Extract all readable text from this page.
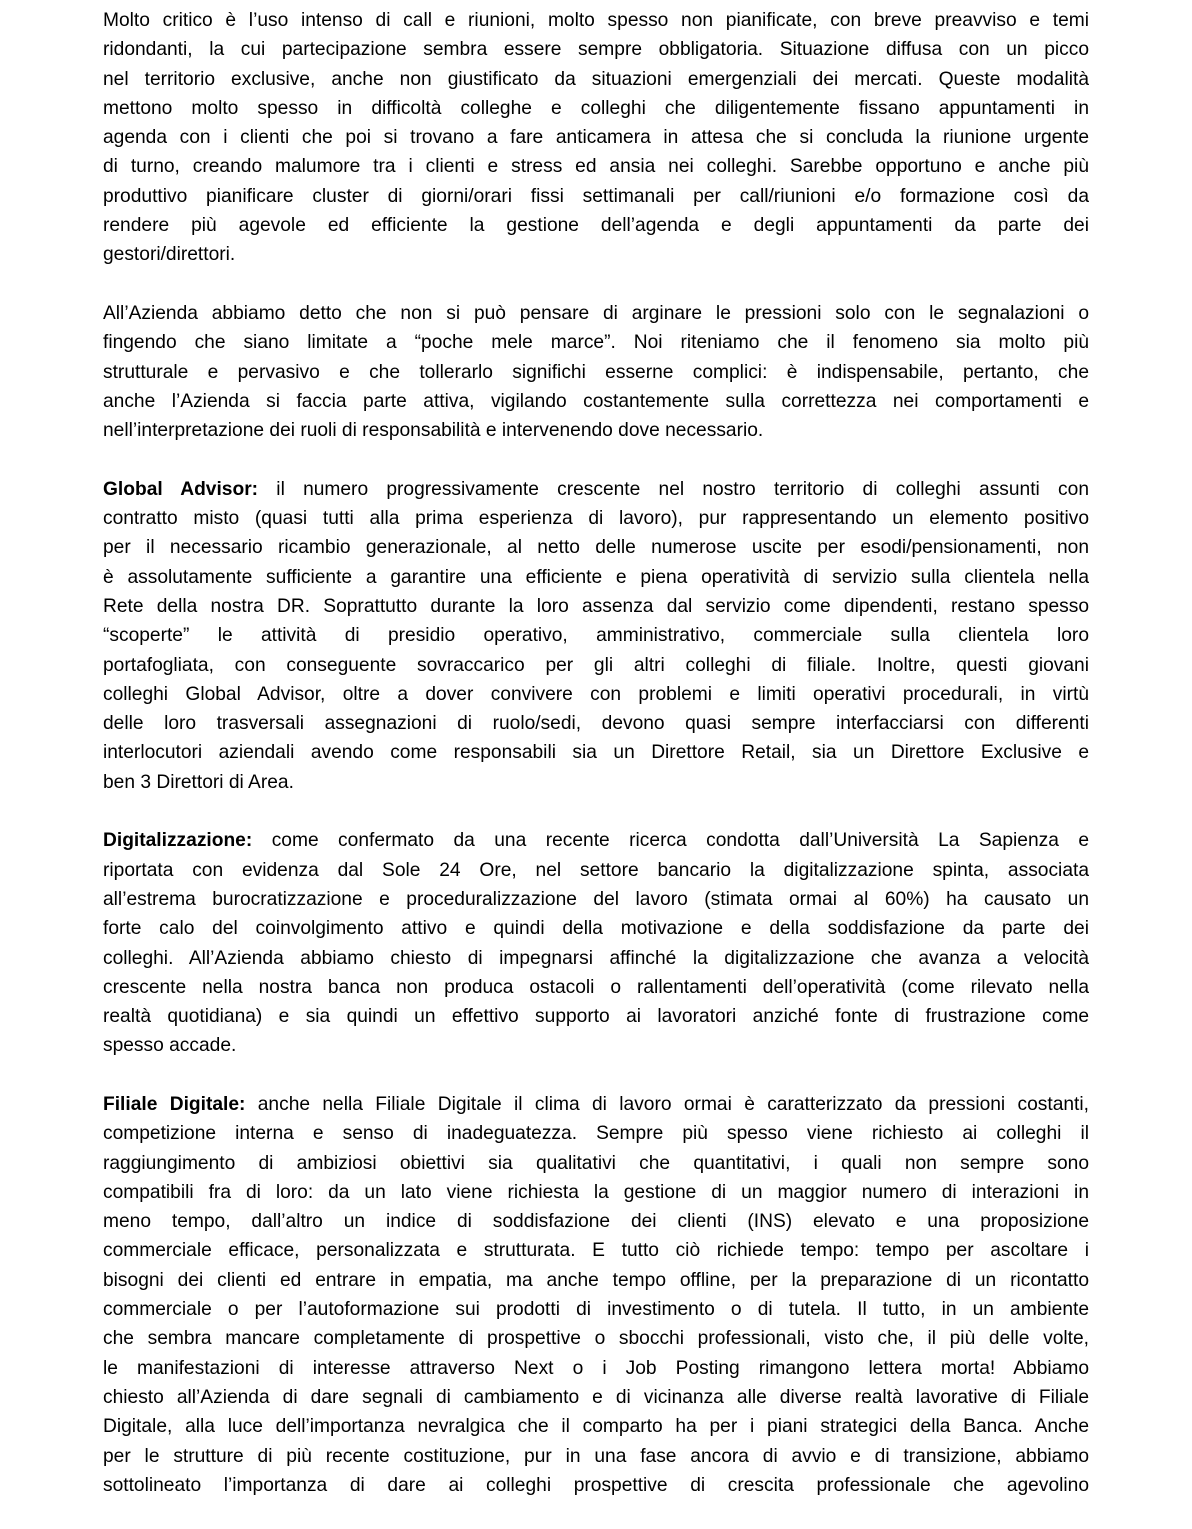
Molto critico è l’uso intenso di call e riunioni, molto spesso non pianificate, con breve preavviso e temi
ridondanti, la cui partecipazione sembra essere sempre obbligatoria. Situazione diffusa con un picco
nel territorio exclusive, anche non giustificato da situazioni emergenziali dei mercati. Queste modalità
mettono molto spesso in difficoltà colleghe e colleghi che diligentemente fissano appuntamenti in
agenda con i clienti che poi si trovano a fare anticamera in attesa che si concluda la riunione urgente
di turno, creando malumore tra i clienti e stress ed ansia nei colleghi. Sarebbe opportuno e anche più
produttivo pianificare cluster di giorni/orari fissi settimanali per call/riunioni e/o formazione così da
rendere più agevole ed efficiente la gestione dell’agenda e degli appuntamenti da parte dei
gestori/direttori.
All’Azienda abbiamo detto che non si può pensare di arginare le pressioni solo con le segnalazioni o
fingendo che siano limitate a “poche mele marce”. Noi riteniamo che il fenomeno sia molto più
strutturale e pervasivo e che tollerarlo significhi esserne complici: è indispensabile, pertanto, che
anche l’Azienda si faccia parte attiva, vigilando costantemente sulla correttezza nei comportamenti e
nell’interpretazione dei ruoli di responsabilità e intervenendo dove necessario.
Global Advisor: il numero progressivamente crescente nel nostro territorio di colleghi assunti con
contratto misto (quasi tutti alla prima esperienza di lavoro), pur rappresentando un elemento positivo
per il necessario ricambio generazionale, al netto delle numerose uscite per esodi/pensionamenti, non
è assolutamente sufficiente a garantire una efficiente e piena operatività di servizio sulla clientela nella
Rete della nostra DR. Soprattutto durante la loro assenza dal servizio come dipendenti, restano spesso
“scoperte” le attività di presidio operativo, amministrativo, commerciale sulla clientela loro
portafogliata, con conseguente sovraccarico per gli altri colleghi di filiale. Inoltre, questi giovani
colleghi Global Advisor, oltre a dover convivere con problemi e limiti operativi procedurali, in virtù
delle loro trasversali assegnazioni di ruolo/sedi, devono quasi sempre interfacciarsi con differenti
interlocutori aziendali avendo come responsabili sia un Direttore Retail, sia un Direttore Exclusive e
ben 3 Direttori di Area.
Digitalizzazione: come confermato da una recente ricerca condotta dall’Università La Sapienza e
riportata con evidenza dal Sole 24 Ore, nel settore bancario la digitalizzazione spinta, associata
all’estrema burocratizzazione e proceduralizzazione del lavoro (stimata ormai al 60%) ha causato un
forte calo del coinvolgimento attivo e quindi della motivazione e della soddisfazione da parte dei
colleghi. All’Azienda abbiamo chiesto di impegnarsi affinché la digitalizzazione che avanza a velocità
crescente nella nostra banca non produca ostacoli o rallentamenti dell’operatività (come rilevato nella
realtà quotidiana) e sia quindi un effettivo supporto ai lavoratori anziché fonte di frustrazione come
spesso accade.
Filiale Digitale: anche nella Filiale Digitale il clima di lavoro ormai è caratterizzato da pressioni costanti,
competizione interna e senso di inadeguatezza. Sempre più spesso viene richiesto ai colleghi il
raggiungimento di ambiziosi obiettivi sia qualitativi che quantitativi, i quali non sempre sono
compatibili fra di loro: da un lato viene richiesta la gestione di un maggior numero di interazioni in
meno tempo, dall’altro un indice di soddisfazione dei clienti (INS) elevato e una proposizione
commerciale efficace, personalizzata e strutturata. E tutto ciò richiede tempo: tempo per ascoltare i
bisogni dei clienti ed entrare in empatia, ma anche tempo offline, per la preparazione di un ricontatto
commerciale o per l’autoformazione sui prodotti di investimento o di tutela. Il tutto, in un ambiente
che sembra mancare completamente di prospettive o sbocchi professionali, visto che, il più delle volte,
le manifestazioni di interesse attraverso Next o i Job Posting rimangono lettera morta! Abbiamo
chiesto all’Azienda di dare segnali di cambiamento e di vicinanza alle diverse realtà lavorative di Filiale
Digitale, alla luce dell’importanza nevralgica che il comparto ha per i piani strategici della Banca. Anche
per le strutture di più recente costituzione, pur in una fase ancora di avvio e di transizione, abbiamo
sottolineato l’importanza di dare ai colleghi prospettive di crescita professionale che agevolino
